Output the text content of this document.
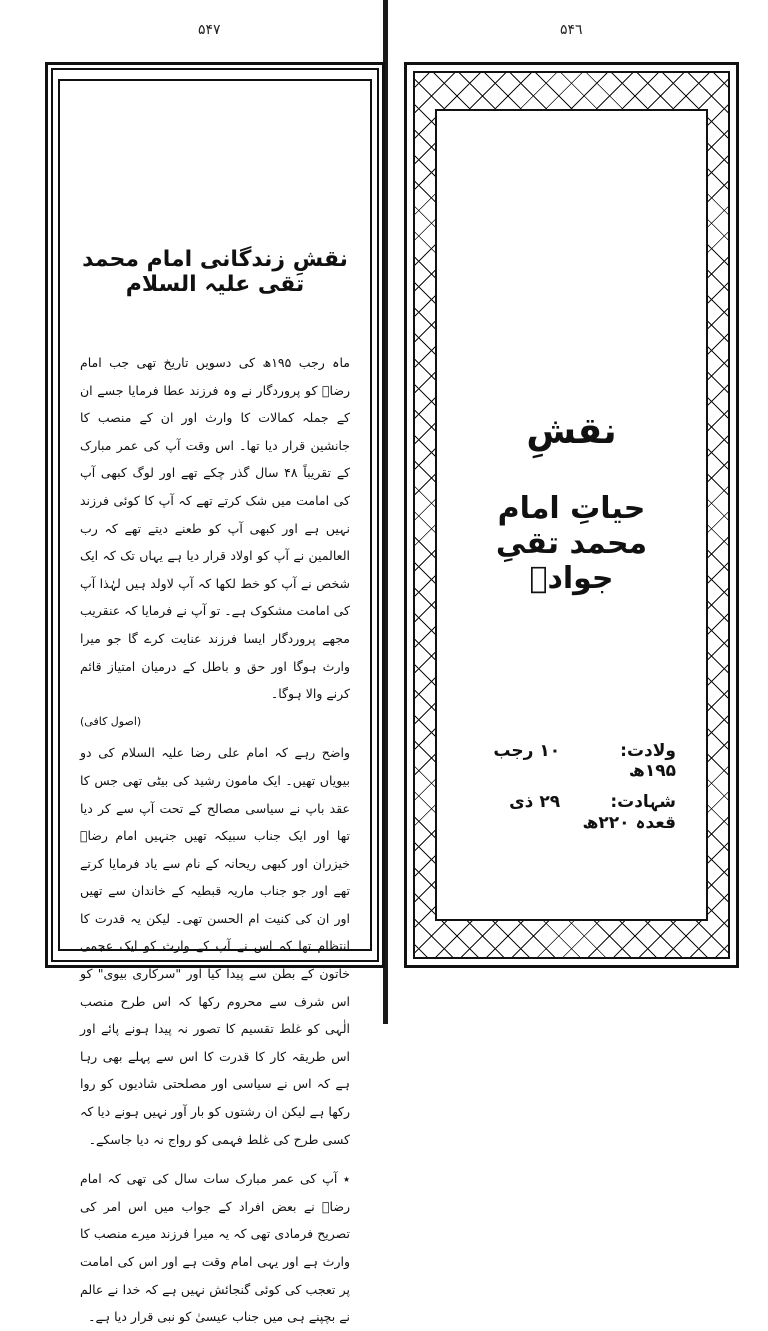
۵۴۷	۵۴٦
نقشِ زندگانی امام محمد تقی علیہ السلام

ماہ رجب ۱۹۵ھ کی دسویں تاریخ تھی جب امام رضاؑ کو پروردگار نے وہ فرزند عطا فرمایا جسے ان کے جملہ کمالات کا وارث اور ان کے منصب کا جانشین قرار دیا تھا۔ اس وقت آپ کی عمر مبارک کے تقریباً ۴۸ سال گذر چکے تھے اور لوگ کبھی آپ کی امامت میں شک کرتے تھے کہ آپ کا کوئی فرزند نہیں ہے اور کبھی آپ کو طعنے دیتے تھے کہ رب العالمین نے آپ کو اولاد قرار دیا ہے یہاں تک کہ ایک شخص نے آپ کو خط لکھا کہ آپ لاولد ہیں لہٰذا آپ کی امامت مشکوک ہے۔ تو آپ نے فرمایا کہ عنقریب مجھے پروردگار ایسا فرزند عنایت کرے گا جو میرا وارث ہوگا اور حق و باطل کے درمیان امتیاز قائم کرنے والا ہوگا۔

(اصول کافی)

واضح رہے کہ امام علی رضا علیہ السلام کی دو بیویاں تھیں۔ ایک مامون رشید کی بیٹی تھی جس کا عقد باپ نے سیاسی مصالح کے تحت آپ سے کر دیا تھا اور ایک جناب سبیکہ تھیں جنہیں امام رضاؑ خیزران اور کبھی ریحانہ کے نام سے یاد فرمایا کرتے تھے اور جو جناب ماریہ قبطیہ کے خاندان سے تھیں اور ان کی کنیت ام الحسن تھی۔ لیکن یہ قدرت کا انتظام تھا کہ اس نے آپ کے وارث کو ایک عجمی خاتون کے بطن سے پیدا کیا اور "سرکاری بیوی" کو اس شرف سے محروم رکھا کہ اس طرح منصب الٰہی کو غلط تقسیم کا تصور نہ پیدا ہونے پائے اور اس طریقہ کار کا قدرت کا اس سے پہلے بھی رہا ہے کہ اس نے سیاسی اور مصلحتی شادیوں کو روا رکھا ہے لیکن ان رشتوں کو بار آور نہیں ہونے دیا کہ کسی طرح کی غلط فہمی کو رواج نہ دیا جاسکے۔

٭ آپ کی عمر مبارک سات سال کی تھی کہ امام رضاؑ نے بعض افراد کے جواب میں اس امر کی تصریح فرمادی تھی کہ یہ میرا فرزند میرے منصب کا وارث ہے اور یہی امام وقت ہے اور اس کی امامت پر تعجب کی کوئی گنجائش نہیں ہے کہ خدا نے عالم نے بچپنے ہی میں جناب عیسیٰ کو نبی قرار دیا ہے۔

نقشِ
حیاتِ امام محمد تقیِ جوادؑ
ولادت: ۱۰ رجب ۱۹۵ھ
شہادت: ۲۹ ذی قعدہ ۲۲۰ھ
